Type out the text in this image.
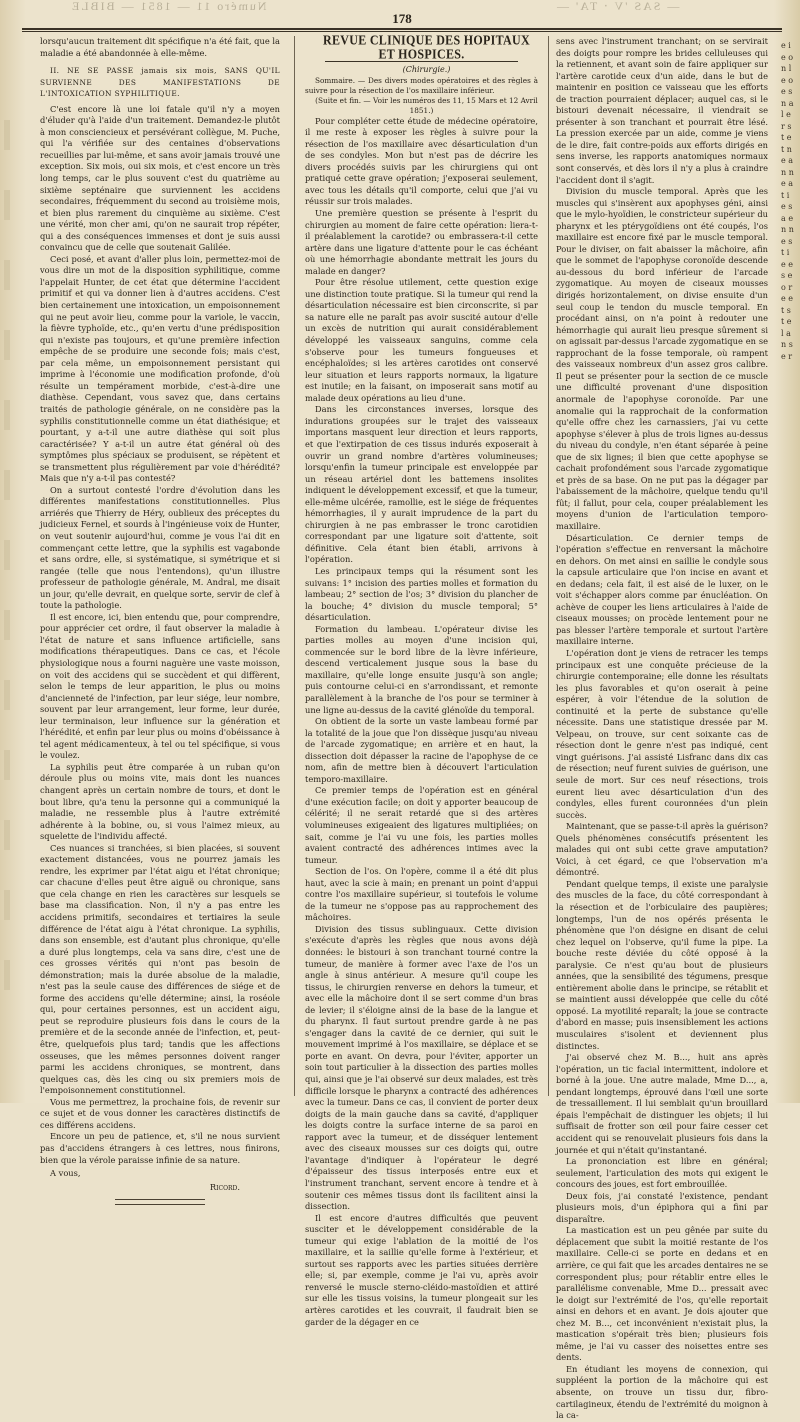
Numéro 11 — 1851 — BIBLE	— SAS 'V ‧ TA' —
178

lorsqu'aucun traitement dit spécifique n'a été fait, que la maladie a été abandonnée à elle-même.

II. NE SE PASSE jamais six mois, SANS QU'IL SURVIENNE DES MANIFESTATIONS DE L'INTOXICATION SYPHILITIQUE.

C'est encore là une loi fatale qu'il n'y a moyen d'éluder qu'à l'aide d'un traitement. Demandez-le plutôt à mon consciencieux et persévérant collègue, M. Puche, qui l'a vérifiée sur des centaines d'observations recueillies par lui-même, et sans avoir jamais trouvé une exception. Six mois, oui six mois, et c'est encore un très long temps, car le plus souvent c'est du quatrième au sixième septénaire que surviennent les accidens secondaires, fréquemment du second au troisième mois, et bien plus rarement du cinquième au sixième. C'est une vérité, mon cher ami, qu'on ne saurait trop répéter, qui a des conséquences immenses et dont je suis aussi convaincu que de celle que soutenait Galilée.

Ceci posé, et avant d'aller plus loin, permettez-moi de vous dire un mot de la disposition syphilitique, comme l'appelait Hunter, de cet état que détermine l'accident primitif et qui va donner lien à d'autres accidens. C'est bien certainement une intoxication, un empoisonnement qui ne peut avoir lieu, comme pour la variole, le vaccin, la fièvre typhoïde, etc., qu'en vertu d'une prédisposition qui n'existe pas toujours, et qu'une première infection empêche de se produire une seconde fois; mais c'est, par cela même, un empoisonnement persistant qui imprime à l'économie une modification profonde, d'où résulte un tempérament morbide, c'est-à-dire une diathèse. Cependant, vous savez que, dans certains traités de pathologie générale, on ne considère pas la syphilis constitutionnelle comme un état diathésique; et pourtant, y a-t-il une autre diathèse qui soit plus caractérisée? Y a-t-il un autre état général où des symptômes plus spéciaux se produisent, se répètent et se transmettent plus régulièrement par voie d'hérédité? Mais que n'y a-t-il pas contesté?

On a surtout contesté l'ordre d'évolution dans les différentes manifestations constitutionnelles. Plus arriérés que Thierry de Héry, oublieux des préceptes du judicieux Fernel, et sourds à l'ingénieuse voix de Hunter, on veut soutenir aujourd'hui, comme je vous l'ai dit en commençant cette lettre, que la syphilis est vagabonde et sans ordre, elle, si systématique, si symétrique et si rangée (telle que nous l'entendons), qu'un illustre professeur de pathologie générale, M. Andral, me disait un jour, qu'elle devrait, en quelque sorte, servir de clef à toute la pathologie.

Il est encore, ici, bien entendu que, pour comprendre, pour apprécier cet ordre, il faut observer la maladie à l'état de nature et sans influence artificielle, sans modifications thérapeutiques. Dans ce cas, et l'école physiologique nous a fourni naguère une vaste moisson, on voit des accidens qui se succèdent et qui diffèrent, selon le temps de leur apparition, le plus ou moins d'ancienneté de l'infection, par leur siége, leur nombre, souvent par leur arrangement, leur forme, leur durée, leur terminaison, leur influence sur la génération et l'hérédité, et enfin par leur plus ou moins d'obéissance à tel agent médicamenteux, à tel ou tel spécifique, si vous le voulez.

La syphilis peut être comparée à un ruban qu'on déroule plus ou moins vite, mais dont les nuances changent après un certain nombre de tours, et dont le bout libre, qu'a tenu la personne qui a communiqué la maladie, ne ressemble plus à l'autre extrémité adhérente à la bobine, ou, si vous l'aimez mieux, au squelette de l'individu affecté.

Ces nuances si tranchées, si bien placées, si souvent exactement distancées, vous ne pourrez jamais les rendre, les exprimer par l'état aigu et l'état chronique; car chacune d'elles peut être aiguë ou chronique, sans que cela change en rien les caractères sur lesquels se base ma classification. Non, il n'y a pas entre les accidens primitifs, secondaires et tertiaires la seule différence de l'état aigu à l'état chronique. La syphilis, dans son ensemble, est d'autant plus chronique, qu'elle a duré plus longtemps, cela va sans dire, c'est une de ces grosses vérités qui n'ont pas besoin de démonstration; mais la durée absolue de la maladie, n'est pas la seule cause des différences de siége et de forme des accidens qu'elle détermine; ainsi, la roséole qui, pour certaines personnes, est un accident aigu, peut se reproduire plusieurs fois dans le cours de la première et de la seconde année de l'infection, et, peut-être, quelquefois plus tard; tandis que les affections osseuses, que les mêmes personnes doivent ranger parmi les accidens chroniques, se montrent, dans quelques cas, dès les cinq ou six premiers mois de l'empoisonnement constitutionnel.

Vous me permettrez, la prochaine fois, de revenir sur ce sujet et de vous donner les caractères distinctifs de ces différens accidens.

Encore un peu de patience, et, s'il ne nous survient pas d'accidens étrangers à ces lettres, nous finirons, bien que la vérole paraisse infinie de sa nature.

A vous,

Ricord.

REVUE CLINIQUE DES HOPITAUX ET HOSPICES.

(Chirurgie.)

Sommaire. — Des divers modes opératoires et des règles à suivre pour la résection de l'os maxillaire inférieur.

(Suite et fin. — Voir les numéros des 11, 15 Mars et 12 Avril 1851.)

Pour compléter cette étude de médecine opératoire, il me reste à exposer les règles à suivre pour la résection de l'os maxillaire avec désarticulation d'un de ses condyles. Mon but n'est pas de décrire les divers procédés suivis par les chirurgiens qui ont pratiqué cette grave opération; j'exposerai seulement, avec tous les détails qu'il comporte, celui que j'ai vu réussir sur trois malades.

Une première question se présente à l'esprit du chirurgien au moment de faire cette opération: liera-t-il préalablement la carotide? ou embrassera-t-il cette artère dans une ligature d'attente pour le cas échéant où une hémorrhagie abondante mettrait les jours du malade en danger?

Pour être résolue utilement, cette question exige une distinction toute pratique. Si la tumeur qui rend la désarticulation nécessaire est bien circonscrite, si par sa nature elle ne paraît pas avoir suscité autour d'elle un excès de nutrition qui aurait considérablement développé les vaisseaux sanguins, comme cela s'observe pour les tumeurs fongueuses et encéphaloïdes; si les artères carotides ont conservé leur situation et leurs rapports normaux, la ligature est inutile; en la faisant, on imposerait sans motif au malade deux opérations au lieu d'une.

Dans les circonstances inverses, lorsque des indurations groupées sur le trajet des vaisseaux importans masquent leur direction et leurs rapports, et que l'extirpation de ces tissus indurés exposerait à ouvrir un grand nombre d'artères volumineuses; lorsqu'enfin la tumeur principale est enveloppée par un réseau artériel dont les battemens insolites indiquent le développement excessif, et que la tumeur, elle-même ulcérée, ramollie, est le siége de fréquentes hémorrhagies, il y aurait imprudence de la part du chirurgien à ne pas embrasser le tronc carotidien correspondant par une ligature soit d'attente, soit définitive. Cela étant bien établi, arrivons à l'opération.

Les principaux temps qui la résument sont les suivans: 1° incision des parties molles et formation du lambeau; 2° section de l'os; 3° division du plancher de la bouche; 4° division du muscle temporal; 5° désarticulation.

Formation du lambeau. L'opérateur divise les parties molles au moyen d'une incision qui, commencée sur le bord libre de la lèvre inférieure, descend verticalement jusque sous la base du maxillaire, qu'elle longe ensuite jusqu'à son angle; puis contourne celui-ci en s'arrondissant, et remonte parallèlement à la branche de l'os pour se terminer à une ligne au-dessus de la cavité glénoïde du temporal.

On obtient de la sorte un vaste lambeau formé par la totalité de la joue que l'on dissèque jusqu'au niveau de l'arcade zygomatique; en arrière et en haut, la dissection doit dépasser la racine de l'apophyse de ce nom, afin de mettre bien à découvert l'articulation temporo-maxillaire.

Ce premier temps de l'opération est en général d'une exécution facile; on doit y apporter beaucoup de célérité; il ne serait retardé que si des artères volumineuses exigeaient des ligatures multipliées; on sait, comme je l'ai vu une fois, les parties molles avaient contracté des adhérences intimes avec la tumeur.

Section de l'os. On l'opère, comme il a été dit plus haut, avec la scie à main; en prenant un point d'appui contre l'os maxillaire supérieur, si toutefois le volume de la tumeur ne s'oppose pas au rapprochement des mâchoires.

Division des tissus sublinguaux. Cette division s'exécute d'après les règles que nous avons déjà données: le bistouri à son tranchant tourné contre la tumeur, de manière à former avec l'axe de l'os un angle à sinus antérieur. A mesure qu'il coupe les tissus, le chirurgien renverse en dehors la tumeur, et avec elle la mâchoire dont il se sert comme d'un bras de levier; il s'éloigne ainsi de la base de la langue et du pharynx. Il faut surtout prendre garde à ne pas s'engager dans la cavité de ce dernier, qui suit le mouvement imprimé à l'os maxillaire, se déplace et se porte en avant. On devra, pour l'éviter, apporter un soin tout particulier à la dissection des parties molles qui, ainsi que je l'ai observé sur deux malades, est très difficile lorsque le pharynx a contracté des adhérences avec la tumeur. Dans ce cas, il convient de porter deux doigts de la main gauche dans sa cavité, d'appliquer les doigts contre la surface interne de sa paroi en rapport avec la tumeur, et de disséquer lentement avec des ciseaux mousses sur ces doigts qui, outre l'avantage d'indiquer à l'opérateur le degré d'épaisseur des tissus interposés entre eux et l'instrument tranchant, servent encore à tendre et à soutenir ces mêmes tissus dont ils facilitent ainsi la dissection.

Il est encore d'autres difficultés que peuvent susciter et le développement considérable de la tumeur qui exige l'ablation de la moitié de l'os maxillaire, et la saillie qu'elle forme à l'extérieur, et surtout ses rapports avec les parties situées derrière elle; si, par exemple, comme je l'ai vu, après avoir renversé le muscle sterno-cléido-mastoïdien et attiré sur elle les tissus voisins, la tumeur plongeait sur les artères carotides et les couvrait, il faudrait bien se garder de la dégager en ce

sens avec l'instrument tranchant; on se servirait des doigts pour rompre les brides celluleuses qui la retiennent, et avant soin de faire appliquer sur l'artère carotide ceux d'un aide, dans le but de maintenir en position ce vaisseau que les efforts de traction pourraient déplacer; auquel cas, si le bistouri devenait nécessaire, il viendrait se présenter à son tranchant et pourrait être lésé. La pression exercée par un aide, comme je viens de le dire, fait contre-poids aux efforts dirigés en sens inverse, les rapports anatomiques normaux sont conservés, et dès lors il n'y a plus à craindre l'accident dont il s'agit.

Division du muscle temporal. Après que les muscles qui s'insèrent aux apophyses géni, ainsi que le mylo-hyoïdien, le constricteur supérieur du pharynx et les ptérygoïdiens ont été coupés, l'os maxillaire est encore fixé par le muscle temporal. Pour le diviser, on fait abaisser la mâchoire, afin que le sommet de l'apophyse coronoïde descende au-dessous du bord inférieur de l'arcade zygomatique. Au moyen de ciseaux mousses dirigés horizontalement, on divise ensuite d'un seul coup le tendon du muscle temporal. En procédant ainsi, on n'a point à redouter une hémorrhagie qui aurait lieu presque sûrement si on agissait par-dessus l'arcade zygomatique en se rapprochant de la fosse temporale, où rampent des vaisseaux nombreux d'un assez gros calibre. Il peut se présenter pour la section de ce muscle une difficulté provenant d'une disposition anormale de l'apophyse coronoïde. Par une anomalie qui la rapprochait de la conformation qu'elle offre chez les carnassiers, j'ai vu cette apophyse s'élever à plus de trois lignes au-dessus du niveau du condyle, n'en étant séparée à peine que de six lignes; il bien que cette apophyse se cachait profondément sous l'arcade zygomatique et près de sa base. On ne put pas la dégager par l'abaissement de la mâchoire, quelque tendu qu'il fût; il fallut, pour cela, couper préalablement les moyens d'union de l'articulation temporo-maxillaire.

Désarticulation. Ce dernier temps de l'opération s'effectue en renversant la mâchoire en dehors. On met ainsi en saillie le condyle sous la capsule articulaire que l'on incise en avant et en dedans; cela fait, il est aisé de le luxer, on le voit s'échapper alors comme par énucléation. On achève de couper les liens articulaires à l'aide de ciseaux mousses; on procède lentement pour ne pas blesser l'artère temporale et surtout l'artère maxillaire interne.

L'opération dont je viens de retracer les temps principaux est une conquête précieuse de la chirurgie contemporaine; elle donne les résultats les plus favorables et qu'on oserait à peine espérer, à voir l'étendue de la solution de continuité et la perte de substance qu'elle nécessite. Dans une statistique dressée par M. Velpeau, on trouve, sur cent soixante cas de résection dont le genre n'est pas indiqué, cent vingt guérisons. J'ai assisté Lisfranc dans dix cas de résection; neuf furent suivies de guérison, une seule de mort. Sur ces neuf résections, trois eurent lieu avec désarticulation d'un des condyles, elles furent couronnées d'un plein succès.

Maintenant, que se passe-t-il après la guérison? Quels phénomènes consécutifs présentent les malades qui ont subi cette grave amputation? Voici, à cet égard, ce que l'observation m'a démontré.

Pendant quelque temps, il existe une paralysie des muscles de la face, du côté correspondant à la résection et de l'orbiculaire des paupières; longtemps, l'un de nos opérés présenta le phénomène que l'on désigne en disant de celui chez lequel on l'observe, qu'il fume la pipe. La bouche reste déviée du côté opposé à la paralysie. Ce n'est qu'au bout de plusieurs années, que la sensibilité des tégumens, presque entièrement abolie dans le principe, se rétablit et se maintient aussi développée que celle du côté opposé. La myotilité reparaît; la joue se contracte d'abord en masse; puis insensiblement les actions musculaires s'isolent et deviennent plus distinctes.

J'ai observé chez M. B..., huit ans après l'opération, un tic facial intermittent, indolore et borné à la joue. Une autre malade, Mme D..., a, pendant longtemps, éprouvé dans l'œil une sorte de tressaillement. Il lui semblait qu'un brouillard épais l'empêchait de distinguer les objets; il lui suffisait de frotter son œil pour faire cesser cet accident qui se renouvelait plusieurs fois dans la journée et qui n'était qu'instantané.

La prononciation est libre en général; seulement, l'articulation des mots qui exigent le concours des joues, est fort embrouillée.

Deux fois, j'ai constaté l'existence, pendant plusieurs mois, d'un épiphora qui a fini par disparaître.

La mastication est un peu gênée par suite du déplacement que subit la moitié restante de l'os maxillaire. Celle-ci se porte en dedans et en arrière, ce qui fait que les arcades dentaires ne se correspondent plus; pour rétablir entre elles le parallélisme convenable, Mme D... pressait avec le doigt sur l'extrémité de l'os, qu'elle reportait ainsi en dehors et en avant. Je dois ajouter que chez M. B..., cet inconvénient n'existait plus, la mastication s'opérait très bien; plusieurs fois même, je l'ai vu casser des noisettes entre ses dents.

En étudiant les moyens de connexion, qui suppléent la portion de la mâchoire qui est absente, on trouve un tissu dur, fibro-cartilagineux, étendu de l'extrémité du moignon à la ca-

e i e o n l e o e s n a l e r s t e t n e a n n e a t i e s a e n n e s t i e e s e o r e e t s t e l a n s e r
